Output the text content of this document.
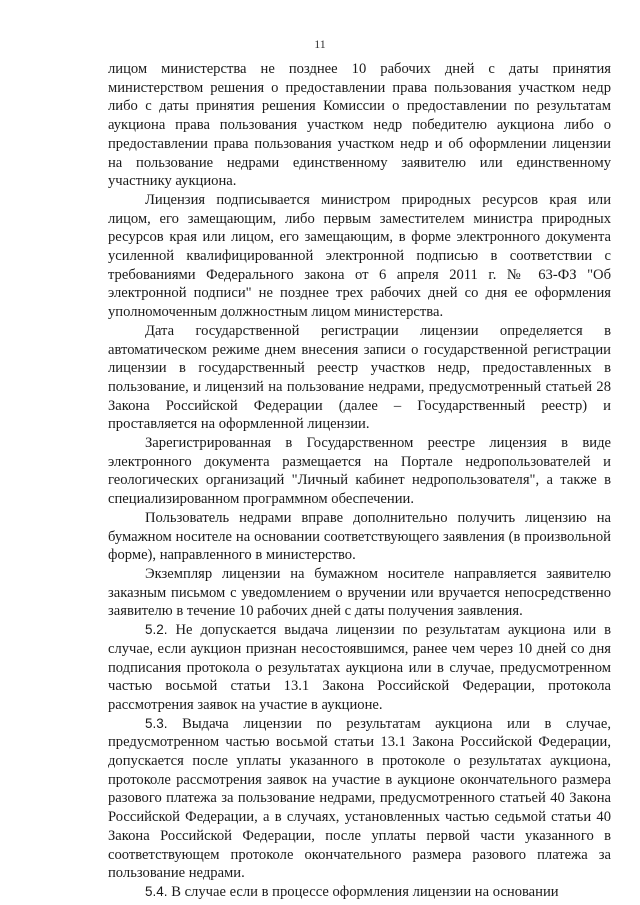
11

лицом министерства не позднее 10 рабочих дней с даты принятия министерством решения о предоставлении права пользования участком недр либо с даты принятия решения Комиссии о предоставлении по результатам аукциона права пользования участком недр победителю аукциона либо о предоставлении права пользования участком недр и об оформлении лицензии на пользование недрами единственному заявителю или единственному участнику аукциона.

Лицензия подписывается министром природных ресурсов края или лицом, его замещающим, либо первым заместителем министра природных ресурсов края или лицом, его замещающим, в форме электронного документа усиленной квалифицированной электронной подписью в соответствии с требованиями Федерального закона от 6 апреля 2011 г. № 63-ФЗ "Об электронной подписи" не позднее трех рабочих дней со дня ее оформления уполномоченным должностным лицом министерства.

Дата государственной регистрации лицензии определяется в автоматическом режиме днем внесения записи о государственной регистрации лицензии в государственный реестр участков недр, предоставленных в пользование, и лицензий на пользование недрами, предусмотренный статьей 28 Закона Российской Федерации (далее – Государственный реестр) и проставляется на оформленной лицензии.

Зарегистрированная в Государственном реестре лицензия в виде электронного документа размещается на Портале недропользователей и геологических организаций "Личный кабинет недропользователя", а также в специализированном программном обеспечении.

Пользователь недрами вправе дополнительно получить лицензию на бумажном носителе на основании соответствующего заявления (в произвольной форме), направленного в министерство.

Экземпляр лицензии на бумажном носителе направляется заявителю заказным письмом с уведомлением о вручении или вручается непосредственно заявителю в течение 10 рабочих дней с даты получения заявления.

5.2. Не допускается выдача лицензии по результатам аукциона или в случае, если аукцион признан несостоявшимся, ранее чем через 10 дней со дня подписания протокола о результатах аукциона или в случае, предусмотренном частью восьмой статьи 13.1 Закона Российской Федерации, протокола рассмотрения заявок на участие в аукционе.

5.3. Выдача лицензии по результатам аукциона или в случае, предусмотренном частью восьмой статьи 13.1 Закона Российской Федерации, допускается после уплаты указанного в протоколе о результатах аукциона, протоколе рассмотрения заявок на участие в аукционе окончательного размера разового платежа за пользование недрами, предусмотренного статьей 40 Закона Российской Федерации, а в случаях, установленных частью седьмой статьи 40 Закона Российской Федерации, после уплаты первой части указанного в соответствующем протоколе окончательного размера разового платежа за пользование недрами.

5.4. В случае если в процессе оформления лицензии на основании
